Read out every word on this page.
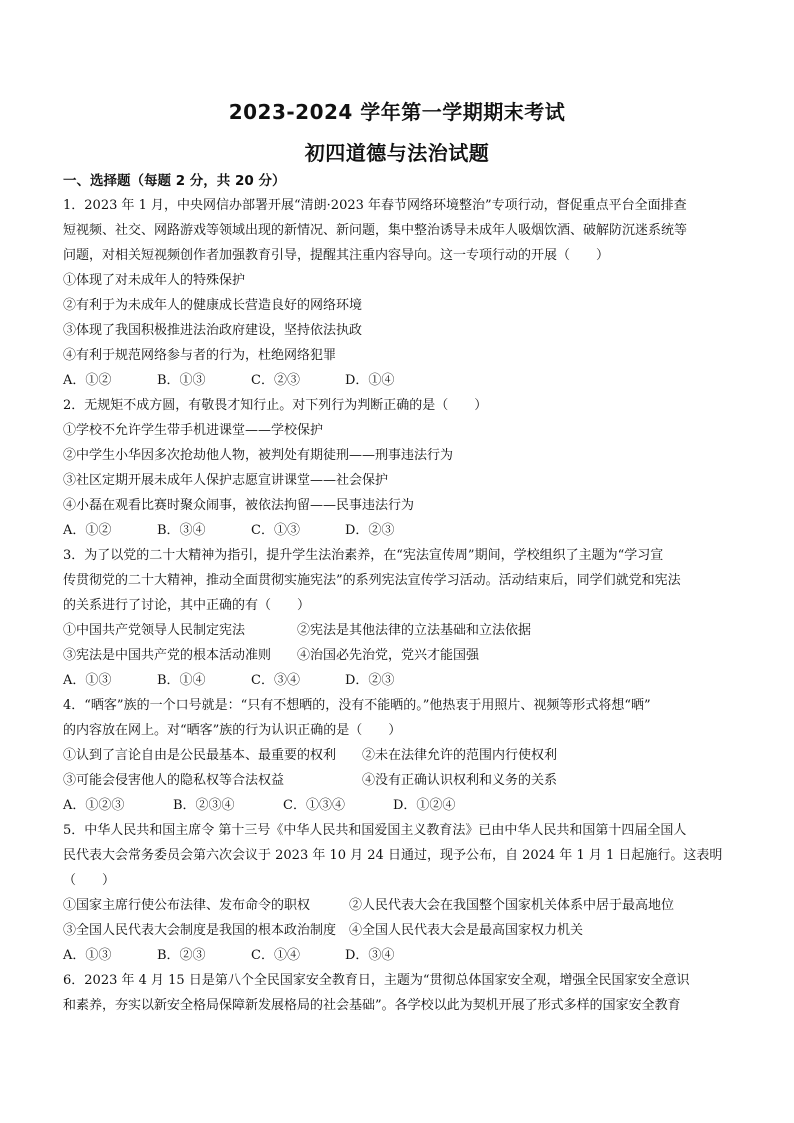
2023-2024 学年第一学期期末考试
初四道德与法治试题
一、选择题（每题 2 分，共 20 分）
1．2023 年 1 月，中央网信办部署开展“清朗·2023 年春节网络环境整治”专项行动，督促重点平台全面排查
短视频、社交、网路游戏等领域出现的新情况、新问题，集中整治诱导未成年人吸烟饮酒、破解防沉迷系统等
问题，对相关短视频创作者加强教育引导，提醒其注重内容导向。这一专项行动的开展（　　）
①体现了对未成年人的特殊保护
②有利于为未成年人的健康成长营造良好的网络环境
③体现了我国积极推进法治政府建设，坚持依法执政
④有利于规范网络参与者的行为，杜绝网络犯罪
A．①②	B．①③	C．②③	D．①④
2．无规矩不成方圆，有敬畏才知行止。对下列行为判断正确的是（　　）
①学校不允许学生带手机进课堂——学校保护
②中学生小华因多次抢劫他人物，被判处有期徒刑——刑事违法行为
③社区定期开展未成年人保护志愿宣讲课堂——社会保护
④小磊在观看比赛时聚众闹事，被依法拘留——民事违法行为
A．①②	B．③④	C．①③	D．②③
3．为了以党的二十大精神为指引，提升学生法治素养，在“宪法宣传周”期间，学校组织了主题为“学习宣
传贯彻党的二十大精神，推动全面贯彻实施宪法”的系列宪法宣传学习活动。活动结束后，同学们就党和宪法
的关系进行了讨论，其中正确的有（　　）
①中国共产党领导人民制定宪法　　　　②宪法是其他法律的立法基础和立法依据
③宪法是中国共产党的根本活动准则　　④治国必先治党，党兴才能国强
A．①③	B．①④	C．③④	D．②③
4．“晒客”族的一个口号就是：“只有不想晒的，没有不能晒的。”他热衷于用照片、视频等形式将想“晒”
的内容放在网上。对“晒客”族的行为认识正确的是（　　）
①认到了言论自由是公民最基本、最重要的权利　　②未在法律允许的范围内行使权利
③可能会侵害他人的隐私权等合法权益　　　　　　④没有正确认识权利和义务的关系
A．①②③	B．②③④	C．①③④	D．①②④
5．中华人民共和国主席令 第十三号《中华人民共和国爱国主义教育法》已由中华人民共和国第十四届全国人
民代表大会常务委员会第六次会议于 2023 年 10 月 24 日通过，现予公布，自 2024 年 1 月 1 日起施行。这表明
（　　）
①国家主席行使公布法律、发布命令的职权　　　②人民代表大会在我国整个国家机关体系中居于最高地位
③全国人民代表大会制度是我国的根本政治制度　④全国人民代表大会是最高国家权力机关
A．①③	B．②③	C．①④	D．③④
6．2023 年 4 月 15 日是第八个全民国家安全教育日，主题为“贯彻总体国家安全观，增强全民国家安全意识
和素养，夯实以新安全格局保障新发展格局的社会基础”。各学校以此为契机开展了形式多样的国家安全教育
